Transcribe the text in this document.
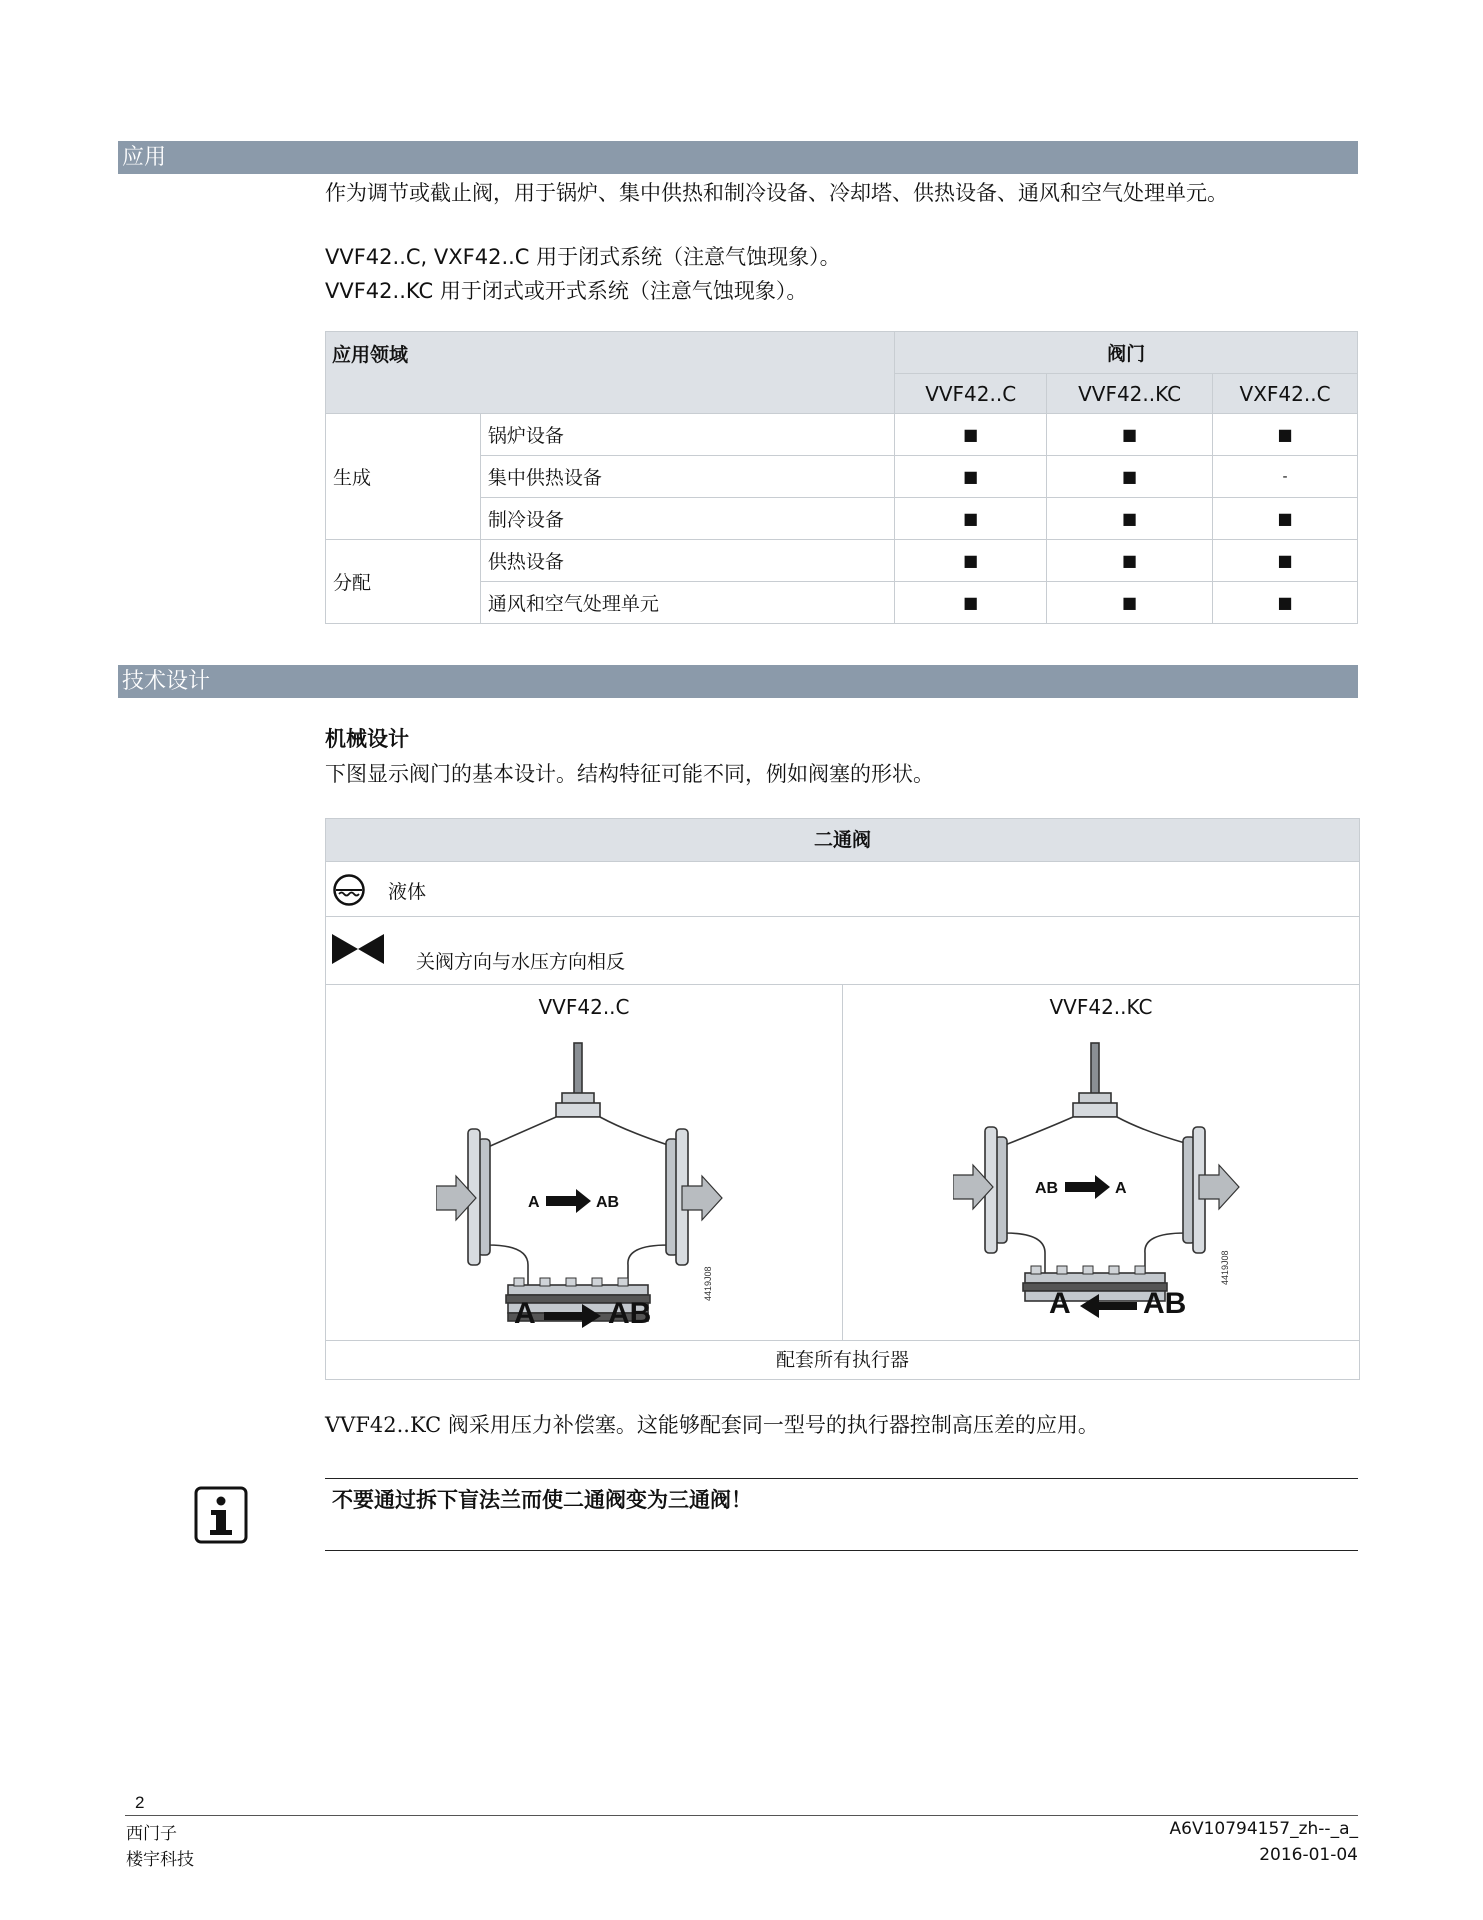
应用

作为调节或截止阀，用于锅炉、集中供热和制冷设备、冷却塔、供热设备、通风和空气处理单元。

VVF42..C, VXF42..C 用于闭式系统（注意气蚀现象）。

VVF42..KC 用于闭式或开式系统（注意气蚀现象）。

应用领域		阀门		
		VVF42..C	VVF42..KC	VXF42..C
生成	锅炉设备	■	■	■
	集中供热设备	■	■	-
	制冷设备	■	■	■
分配	供热设备	■	■	■
	通风和空气处理单元	■	■	■
技术设计

机械设计

下图显示阀门的基本设计。结构特征可能不同，例如阀塞的形状。

二通阀
液体
关阀方向与水压方向相反
VVF42..C
A	AB
4419J08
A AB
VVF42..KC
AB	A
4419J08
A AB
配套所有执行器

VVF42..KC 阀采用压力补偿塞。这能够配套同一型号的执行器控制高压差的应用。

不要通过拆下盲法兰而使二通阀变为三通阀！

2
西门子
楼宇科技
A6V10794157_zh--_a_
2016-01-04
